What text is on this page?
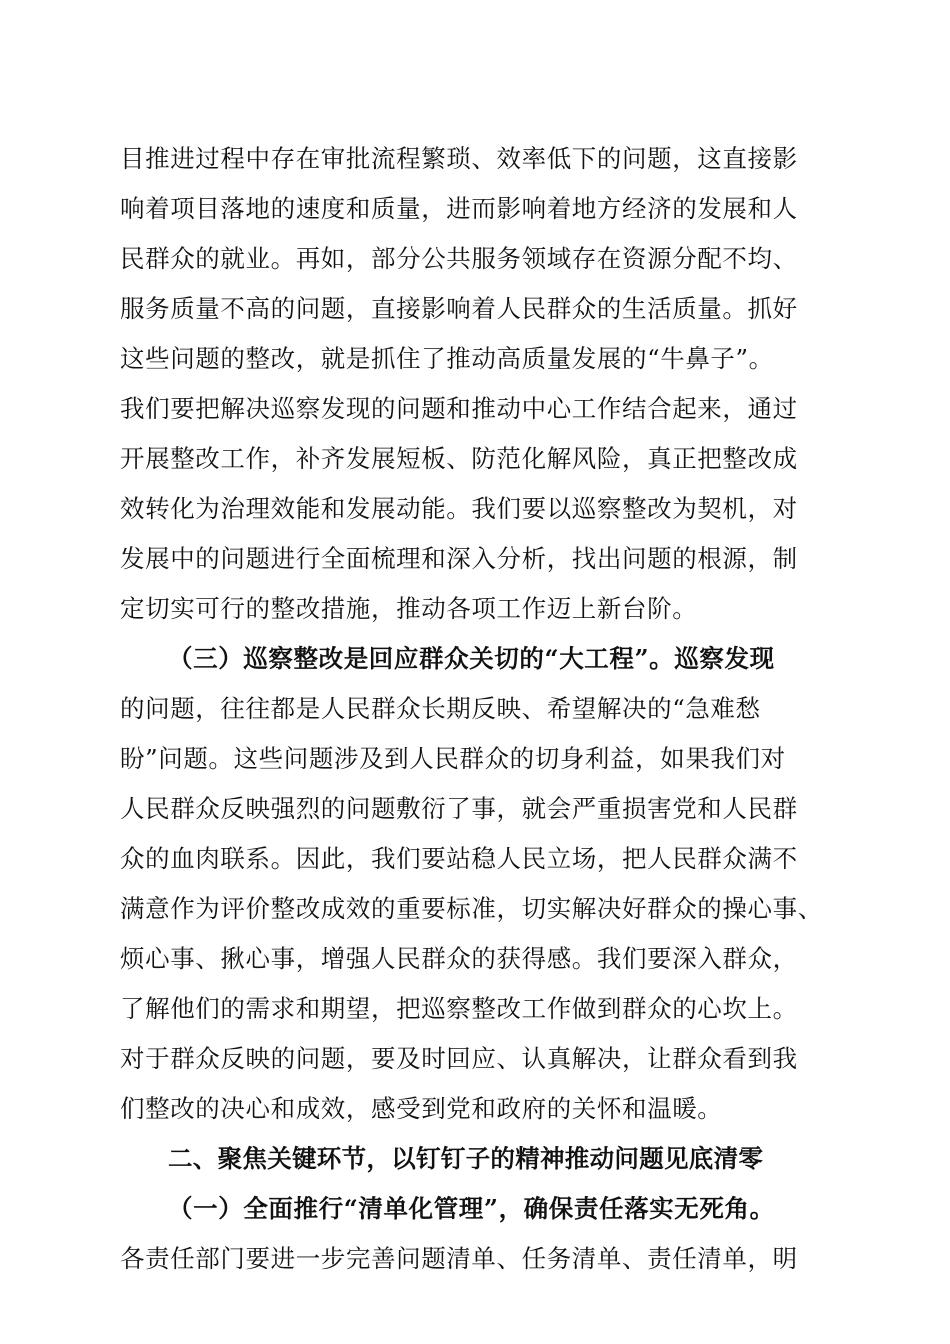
目推进过程中存在审批流程繁琐、效率低下的问题，这直接影
响着项目落地的速度和质量，进而影响着地方经济的发展和人
民群众的就业。再如，部分公共服务领域存在资源分配不均、
服务质量不高的问题，直接影响着人民群众的生活质量。抓好
这些问题的整改，就是抓住了推动高质量发展的“牛鼻子”。
我们要把解决巡察发现的问题和推动中心工作结合起来，通过
开展整改工作，补齐发展短板、防范化解风险，真正把整改成
效转化为治理效能和发展动能。我们要以巡察整改为契机，对
发展中的问题进行全面梳理和深入分析，找出问题的根源，制
定切实可行的整改措施，推动各项工作迈上新台阶。
（三）巡察整改是回应群众关切的“大工程”。巡察发现
的问题，往往都是人民群众长期反映、希望解决的“急难愁
盼”问题。这些问题涉及到人民群众的切身利益，如果我们对
人民群众反映强烈的问题敷衍了事，就会严重损害党和人民群
众的血肉联系。因此，我们要站稳人民立场，把人民群众满不
满意作为评价整改成效的重要标准，切实解决好群众的操心事、
烦心事、揪心事，增强人民群众的获得感。我们要深入群众，
了解他们的需求和期望，把巡察整改工作做到群众的心坎上。
对于群众反映的问题，要及时回应、认真解决，让群众看到我
们整改的决心和成效，感受到党和政府的关怀和温暖。
二、聚焦关键环节，以钉钉子的精神推动问题见底清零
（一）全面推行“清单化管理”，确保责任落实无死角。
各责任部门要进一步完善问题清单、任务清单、责任清单，明
